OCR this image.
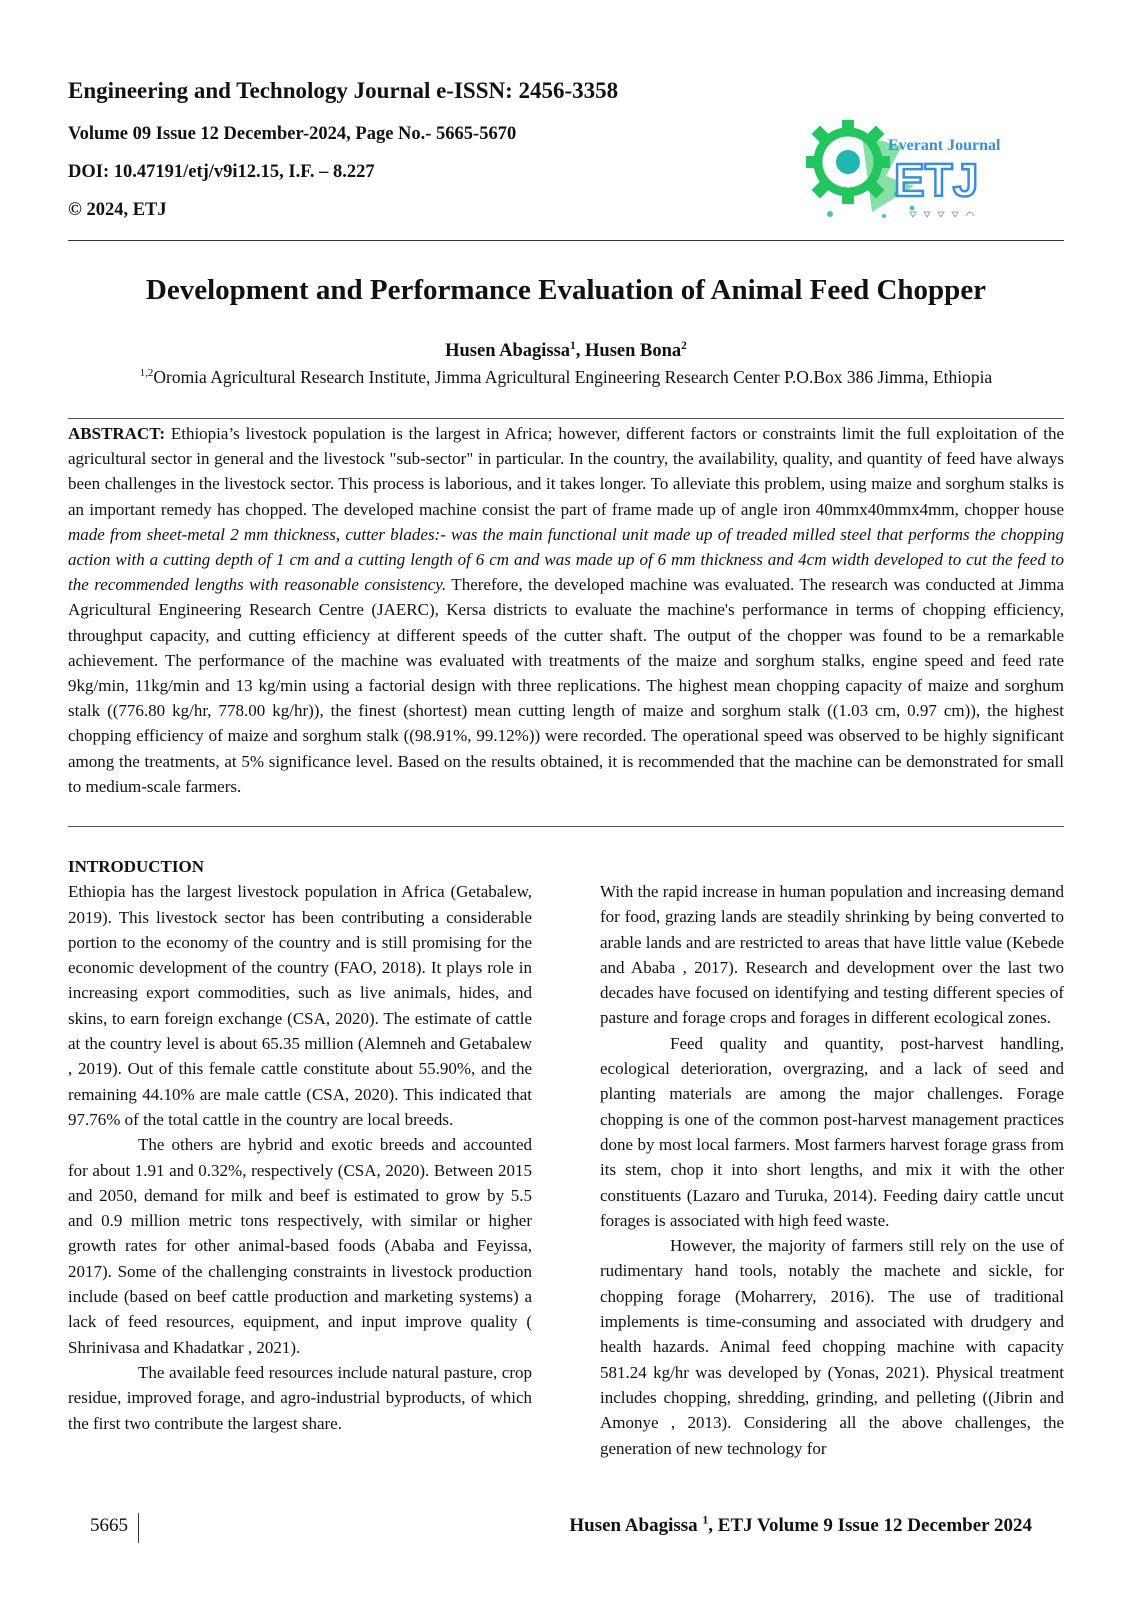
Engineering and Technology Journal e-ISSN: 2456-3358
Volume 09 Issue 12 December-2024, Page No.- 5665-5670
DOI: 10.47191/etj/v9i12.15, I.F. – 8.227
© 2024, ETJ
Everant Journal
ETJ
Development and Performance Evaluation of Animal Feed Chopper
Husen Abagissa$^1$, Husen Bona$^2$
$^{1,2}$Oromia Agricultural Research Institute, Jimma Agricultural Engineering Research Center P.O.Box 386 Jimma, Ethiopia
ABSTRACT: Ethiopia’s livestock population is the largest in Africa; however, different factors or constraints limit the full exploitation of the agricultural sector in general and the livestock "sub-sector" in particular. In the country, the availability, quality, and quantity of feed have always been challenges in the livestock sector. This process is laborious, and it takes longer. To alleviate this problem, using maize and sorghum stalks is an important remedy has chopped. The developed machine consist the part of frame made up of angle iron 40mmx40mmx4mm, chopper house made from sheet-metal 2 mm thickness, cutter blades:- was the main functional unit made up of treaded milled steel that performs the chopping action with a cutting depth of 1 cm and a cutting length of 6 cm and was made up of 6 mm thickness and 4cm width developed to cut the feed to the recommended lengths with reasonable consistency. Therefore, the developed machine was evaluated. The research was conducted at Jimma Agricultural Engineering Research Centre (JAERC), Kersa districts to evaluate the machine's performance in terms of chopping efficiency, throughput capacity, and cutting efficiency at different speeds of the cutter shaft. The output of the chopper was found to be a remarkable achievement. The performance of the machine was evaluated with treatments of the maize and sorghum stalks, engine speed and feed rate 9kg/min, 11kg/min and 13 kg/min using a factorial design with three replications. The highest mean chopping capacity of maize and sorghum stalk ((776.80 kg/hr, 778.00 kg/hr)), the finest (shortest) mean cutting length of maize and sorghum stalk ((1.03 cm, 0.97 cm)), the highest chopping efficiency of maize and sorghum stalk ((98.91%, 99.12%)) were recorded. The operational speed was observed to be highly significant among the treatments, at 5% significance level. Based on the results obtained, it is recommended that the machine can be demonstrated for small to medium-scale farmers.
INTRODUCTION

Ethiopia has the largest livestock population in Africa (Getabalew, 2019). This livestock sector has been contributing a considerable portion to the economy of the country and is still promising for the economic development of the country (FAO, 2018). It plays role in increasing export commodities, such as live animals, hides, and skins, to earn foreign exchange (CSA, 2020). The estimate of cattle at the country level is about 65.35 million (Alemneh and Getabalew , 2019). Out of this female cattle constitute about 55.90%, and the remaining 44.10% are male cattle (CSA, 2020). This indicated that 97.76% of the total cattle in the country are local breeds.

The others are hybrid and exotic breeds and accounted for about 1.91 and 0.32%, respectively (CSA, 2020). Between 2015 and 2050, demand for milk and beef is estimated to grow by 5.5 and 0.9 million metric tons respectively, with similar or higher growth rates for other animal-based foods (Ababa and Feyissa, 2017). Some of the challenging constraints in livestock production include (based on beef cattle production and marketing systems) a lack of feed resources, equipment, and input improve quality ( Shrinivasa and Khadatkar , 2021).

The available feed resources include natural pasture, crop residue, improved forage, and agro-industrial byproducts, of which the first two contribute the largest share.

With the rapid increase in human population and increasing demand for food, grazing lands are steadily shrinking by being converted to arable lands and are restricted to areas that have little value (Kebede and Ababa , 2017). Research and development over the last two decades have focused on identifying and testing different species of pasture and forage crops and forages in different ecological zones.

Feed quality and quantity, post-harvest handling, ecological deterioration, overgrazing, and a lack of seed and planting materials are among the major challenges. Forage chopping is one of the common post-harvest management practices done by most local farmers. Most farmers harvest forage grass from its stem, chop it into short lengths, and mix it with the other constituents (Lazaro and Turuka, 2014). Feeding dairy cattle uncut forages is associated with high feed waste.

However, the majority of farmers still rely on the use of rudimentary hand tools, notably the machete and sickle, for chopping forage (Moharrery, 2016). The use of traditional implements is time-consuming and associated with drudgery and health hazards. Animal feed chopping machine with capacity 581.24 kg/hr was developed by (Yonas, 2021). Physical treatment includes chopping, shredding, grinding, and pelleting ((Jibrin and Amonye , 2013). Considering all the above challenges, the generation of new technology for

5665	Husen Abagissa $^1$, ETJ Volume 9 Issue 12 December 2024
